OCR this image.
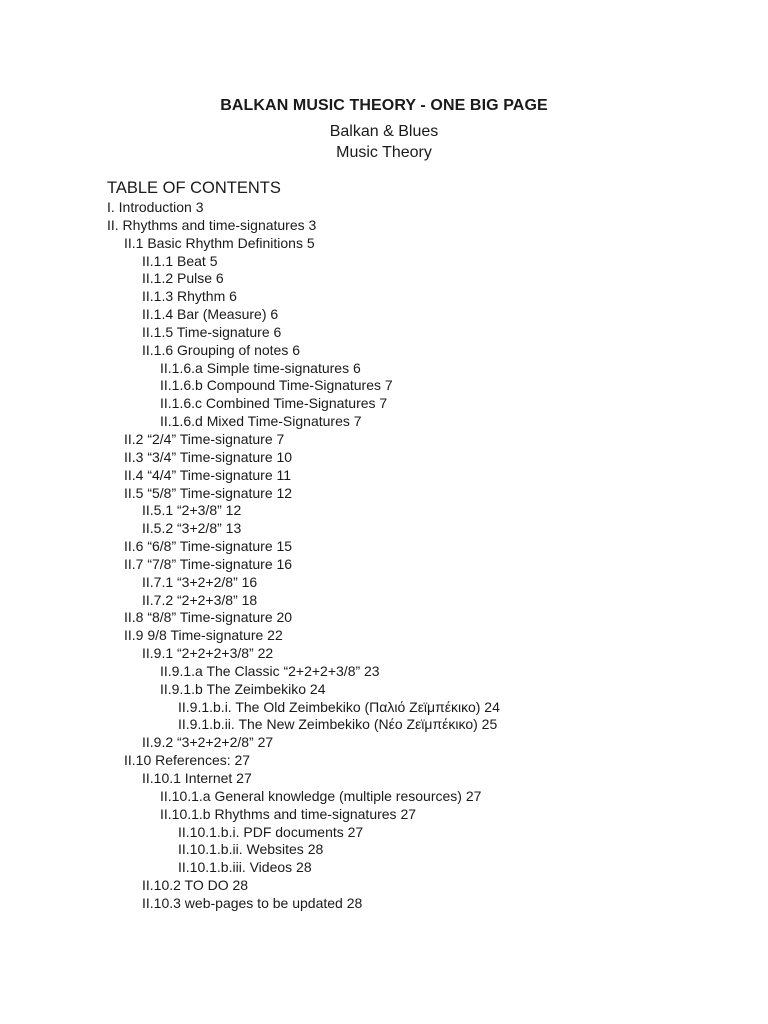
BALKAN MUSIC THEORY - ONE BIG PAGE
Balkan & Blues
Music Theory
TABLE OF CONTENTS
I. Introduction 3
II. Rhythms and time-signatures 3
II.1 Basic Rhythm Definitions 5
II.1.1 Beat 5
II.1.2 Pulse 6
II.1.3 Rhythm 6
II.1.4 Bar (Measure) 6
II.1.5 Time-signature 6
II.1.6 Grouping of notes 6
II.1.6.a Simple time-signatures 6
II.1.6.b Compound Time-Signatures 7
II.1.6.c Combined Time-Signatures 7
II.1.6.d Mixed Time-Signatures 7
II.2 “2/4” Time-signature 7
II.3 “3/4” Time-signature 10
II.4 “4/4” Time-signature 11
II.5 “5/8” Time-signature 12
II.5.1 “2+3/8” 12
II.5.2 “3+2/8” 13
II.6 “6/8” Time-signature 15
II.7 “7/8” Time-signature 16
II.7.1 “3+2+2/8” 16
II.7.2 “2+2+3/8” 18
II.8 “8/8” Time-signature 20
II.9 9/8 Time-signature 22
II.9.1 “2+2+2+3/8” 22
II.9.1.a The Classic “2+2+2+3/8” 23
II.9.1.b The Zeimbekiko 24
II.9.1.b.i. The Old Zeimbekiko (Παλιό Ζεϊμπέκικο) 24
II.9.1.b.ii. The New Zeimbekiko (Νέο Ζεϊμπέκικο) 25
II.9.2 “3+2+2+2/8” 27
II.10 References: 27
II.10.1 Internet 27
II.10.1.a General knowledge (multiple resources) 27
II.10.1.b Rhythms and time-signatures 27
II.10.1.b.i. PDF documents 27
II.10.1.b.ii. Websites 28
II.10.1.b.iii. Videos 28
II.10.2 TO DO 28
II.10.3 web-pages to be updated 28
